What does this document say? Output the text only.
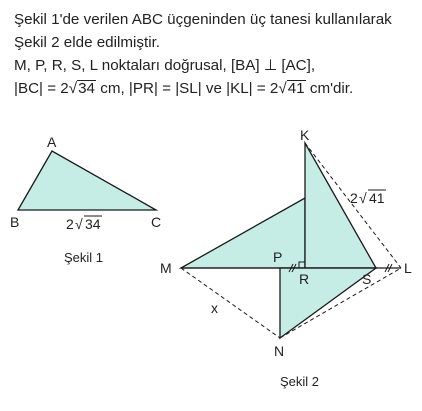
Şekil 1'de verilen ABC üçgeninden üç tanesi kullanılarak
Şekil 2 elde edilmiştir.
M, P, R, S, L noktaları doğrusal, [BA] ⊥ [AC],
|BC| = 2√34 cm, |PR| = |SL| ve |KL| = 2√41 cm'dir.
A
B	C
2 √ 34
Şekil 1
K
M
P
R	S
L
N
x
2 √ 41
Şekil 2
